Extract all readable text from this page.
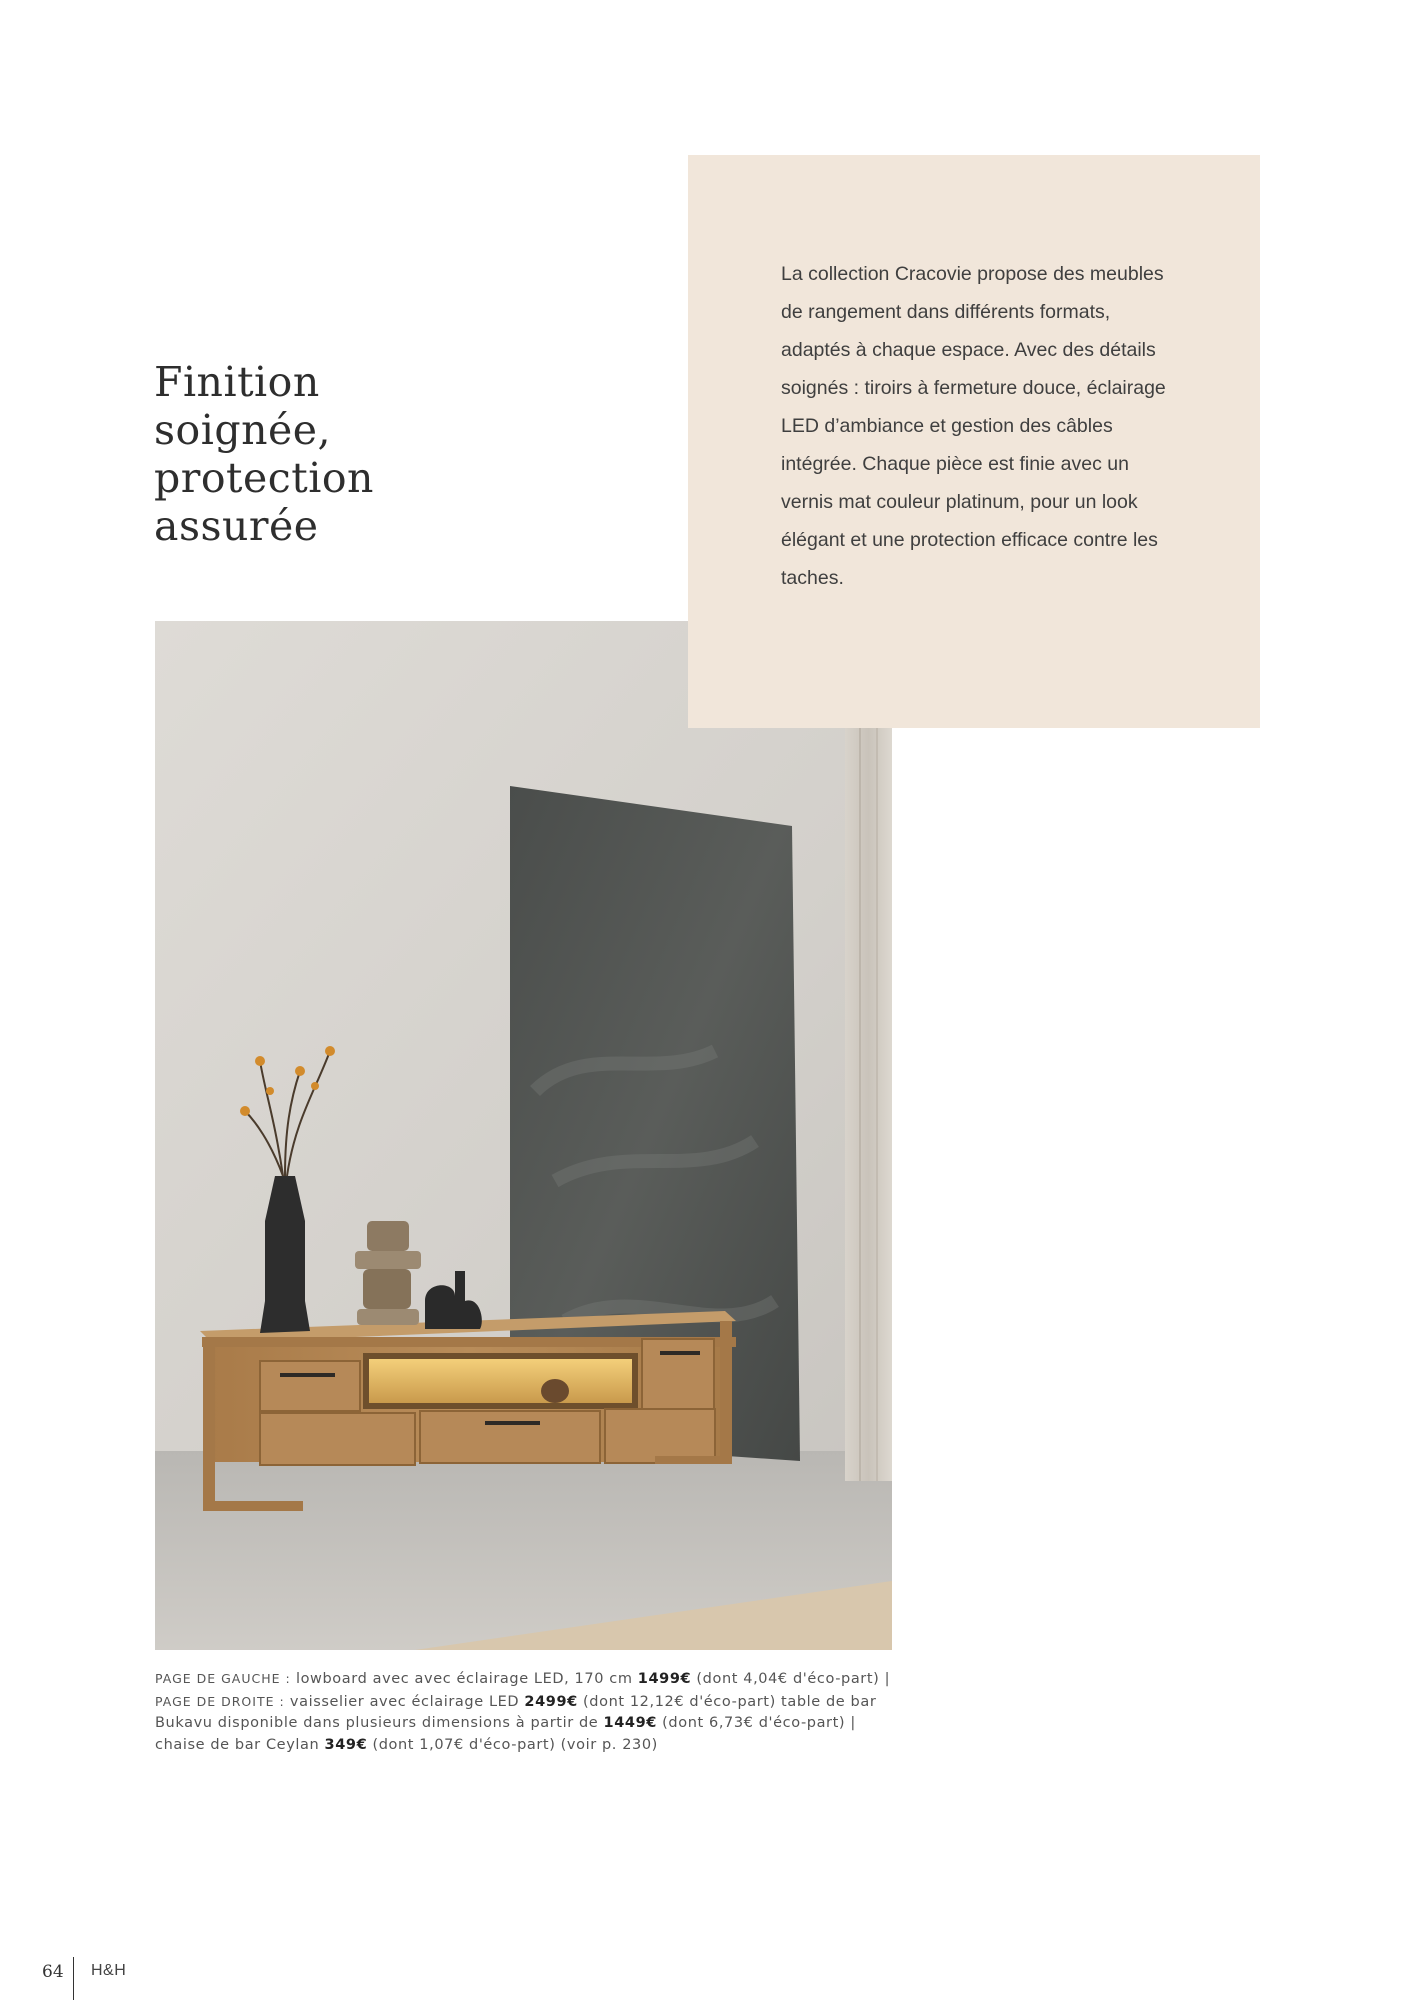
Finition
soignée,
protection
assurée

La collection Cracovie propose des meubles de rangement dans différents formats, adaptés à chaque espace. Avec des détails soignés : tiroirs à fermeture douce, éclairage LED d’ambiance et gestion des câbles intégrée. Chaque pièce est finie avec un vernis mat couleur platinum, pour un look élégant et une protection efficace contre les taches.

PAGE DE GAUCHE : lowboard avec avec éclairage LED, 170 cm 1499€ (dont 4,04€ d'éco-part) | PAGE DE DROITE : vaisselier avec éclairage LED 2499€ (dont 12,12€ d'éco-part) table de bar Bukavu disponible dans plusieurs dimensions à partir de 1449€ (dont 6,73€ d'éco-part) | chaise de bar Ceylan 349€ (dont 1,07€ d'éco-part) (voir p. 230)

64 H&H
